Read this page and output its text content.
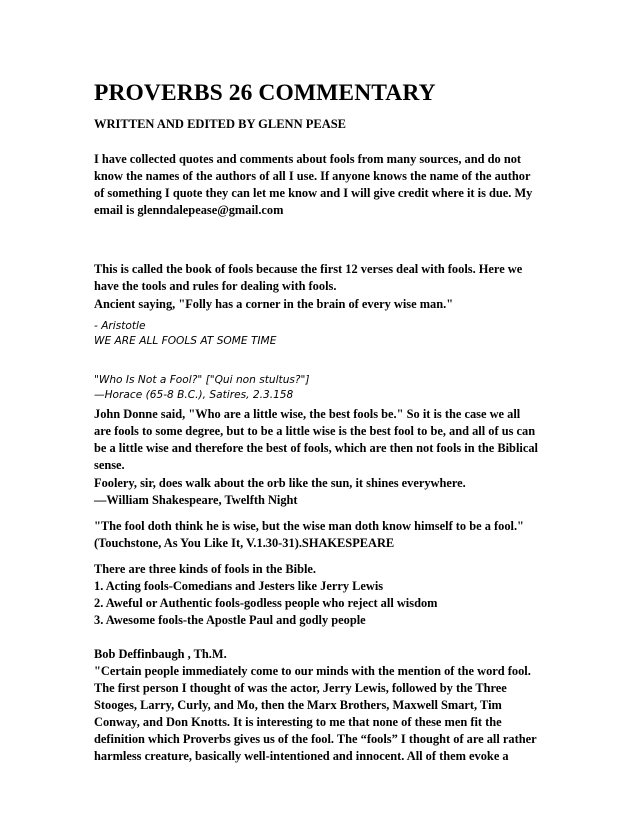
PROVERBS 26 COMMENTARY
WRITTEN AND EDITED BY GLENN PEASE
I have collected quotes and comments about fools from many sources, and do not
know the names of the authors of all I use. If anyone knows the name of the author
of something I quote they can let me know and I will give credit where it is due. My
email is glenndalepease@gmail.com
This is called the book of fools because the first 12 verses deal with fools. Here we
have the tools and rules for dealing with fools.
Ancient saying, "Folly has a corner in the brain of every wise man."
- Aristotle
WE ARE ALL FOOLS AT SOME TIME
"Who Is Not a Fool?" ["Qui non stultus?"]
—Horace (65-8 B.C.), Satires, 2.3.158
John Donne said, "Who are a little wise, the best fools be." So it is the case we all
are fools to some degree, but to be a little wise is the best fool to be, and all of us can
be a little wise and therefore the best of fools, which are then not fools in the Biblical
sense.
Foolery, sir, does walk about the orb like the sun, it shines everywhere.
—William Shakespeare, Twelfth Night
"The fool doth think he is wise, but the wise man doth know himself to be a fool."
(Touchstone, As You Like It, V.1.30-31).SHAKESPEARE
There are three kinds of fools in the Bible.
1. Acting fools-Comedians and Jesters like Jerry Lewis
2. Aweful or Authentic fools-godless people who reject all wisdom
3. Awesome fools-the Apostle Paul and godly people
Bob Deffinbaugh , Th.M.
"Certain people immediately come to our minds with the mention of the word fool.
The first person I thought of was the actor, Jerry Lewis, followed by the Three
Stooges, Larry, Curly, and Mo, then the Marx Brothers, Maxwell Smart, Tim
Conway, and Don Knotts. It is interesting to me that none of these men fit the
definition which Proverbs gives us of the fool. The “fools” I thought of are all rather
harmless creature, basically well-intentioned and innocent. All of them evoke a
